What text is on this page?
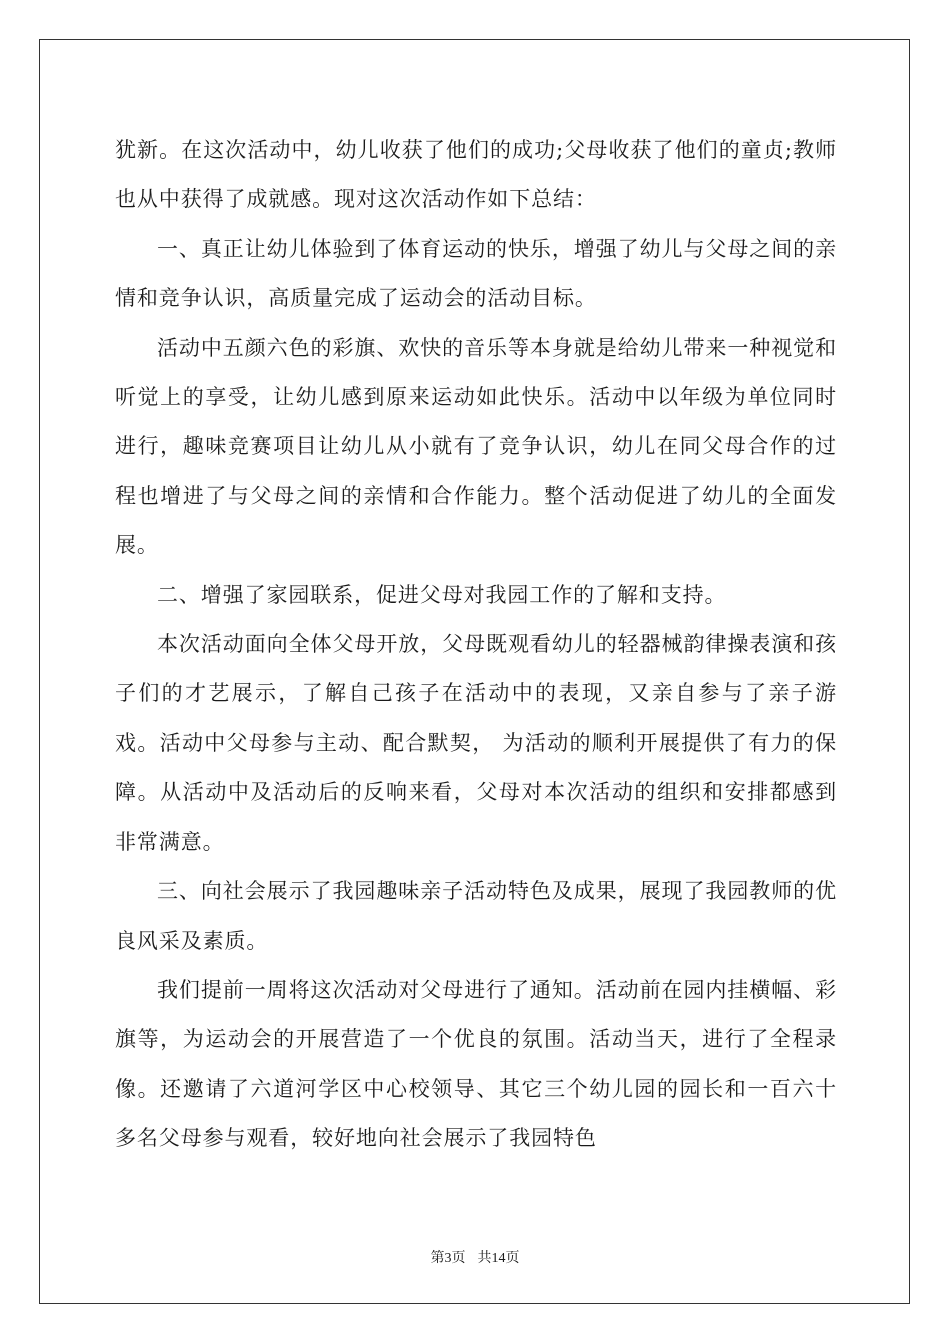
犹新。在这次活动中，幼儿收获了他们的成功;父母收获了他们的童贞;教师也从中获得了成就感。现对这次活动作如下总结：

一、真正让幼儿体验到了体育运动的快乐，增强了幼儿与父母之间的亲情和竞争认识，高质量完成了运动会的活动目标。

活动中五颜六色的彩旗、欢快的音乐等本身就是给幼儿带来一种视觉和听觉上的享受，让幼儿感到原来运动如此快乐。活动中以年级为单位同时进行，趣味竞赛项目让幼儿从小就有了竞争认识，幼儿在同父母合作的过程也增进了与父母之间的亲情和合作能力。整个活动促进了幼儿的全面发展。

二、增强了家园联系，促进父母对我园工作的了解和支持。

本次活动面向全体父母开放，父母既观看幼儿的轻器械韵律操表演和孩子们的才艺展示，了解自己孩子在活动中的表现，又亲自参与了亲子游戏。活动中父母参与主动、配合默契， 为活动的顺利开展提供了有力的保障。从活动中及活动后的反响来看，父母对本次活动的组织和安排都感到非常满意。

三、向社会展示了我园趣味亲子活动特色及成果，展现了我园教师的优良风采及素质。

我们提前一周将这次活动对父母进行了通知。活动前在园内挂横幅、彩旗等，为运动会的开展营造了一个优良的氛围。活动当天，进行了全程录像。还邀请了六道河学区中心校领导、其它三个幼儿园的园长和一百六十多名父母参与观看，较好地向社会展示了我园特色

第3页 共14页
